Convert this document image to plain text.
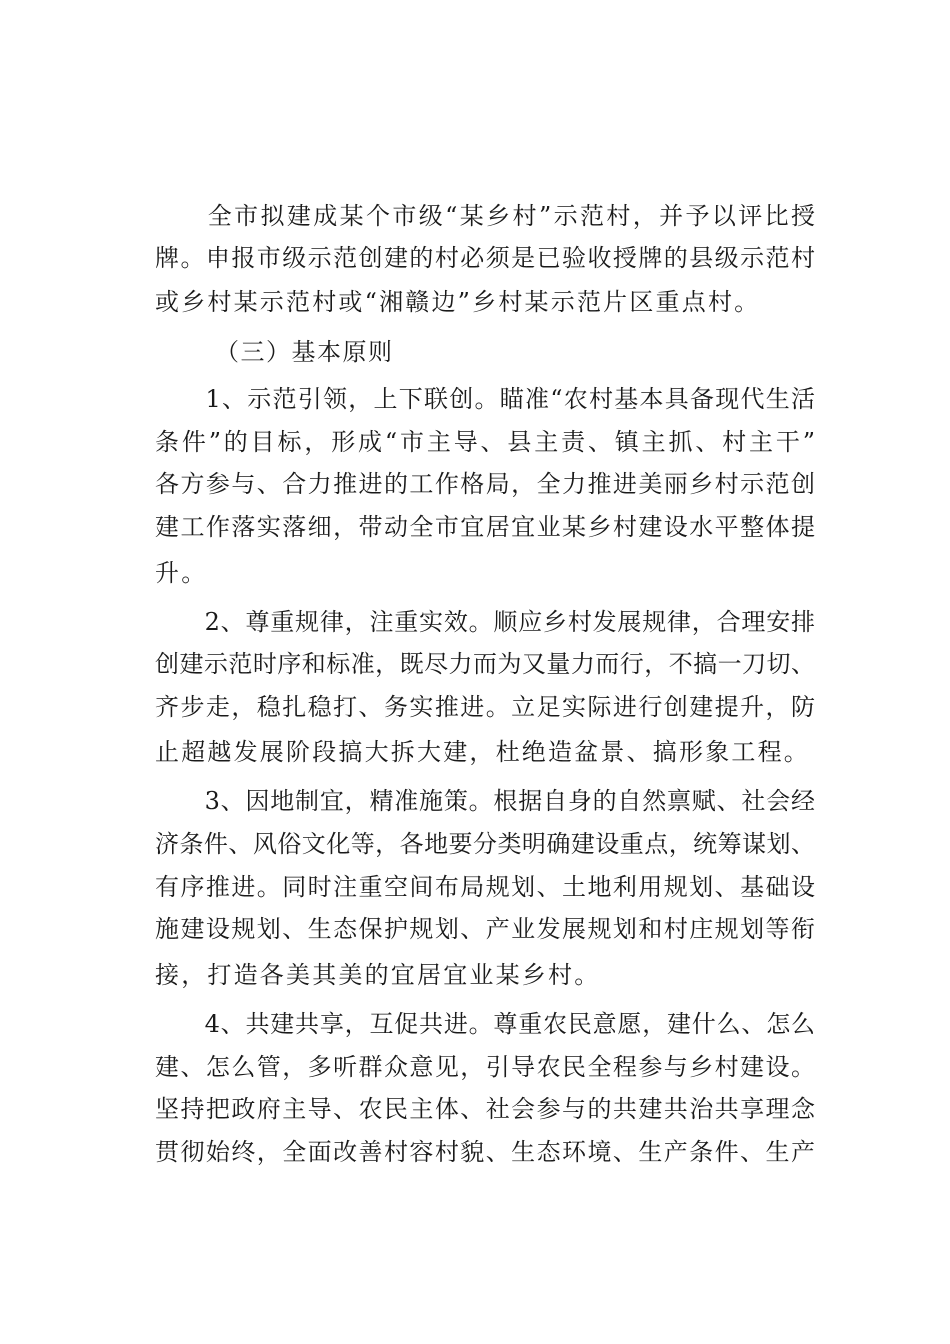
　　全市拟建成某个市级“某乡村”示范村，并予以评比授
牌。申报市级示范创建的村必须是已验收授牌的县级示范村
或乡村某示范村或“湘赣边”乡村某示范片区重点村。
（三）基本原则
　　1、示范引领，上下联创。瞄准“农村基本具备现代生活
条件”的目标，形成“市主导、县主责、镇主抓、村主干”
各方参与、合力推进的工作格局，全力推进美丽乡村示范创
建工作落实落细，带动全市宜居宜业某乡村建设水平整体提
升。
　　2、尊重规律，注重实效。顺应乡村发展规律，合理安排
创建示范时序和标准，既尽力而为又量力而行，不搞一刀切、
齐步走，稳扎稳打、务实推进。立足实际进行创建提升，防
止超越发展阶段搞大拆大建，杜绝造盆景、搞形象工程。
　　3、因地制宜，精准施策。根据自身的自然禀赋、社会经
济条件、风俗文化等，各地要分类明确建设重点，统筹谋划、
有序推进。同时注重空间布局规划、土地利用规划、基础设
施建设规划、生态保护规划、产业发展规划和村庄规划等衔
接，打造各美其美的宜居宜业某乡村。
　　4、共建共享，互促共进。尊重农民意愿，建什么、怎么
建、怎么管，多听群众意见，引导农民全程参与乡村建设。
坚持把政府主导、农民主体、社会参与的共建共治共享理念
贯彻始终，全面改善村容村貌、生态环境、生产条件、生产
